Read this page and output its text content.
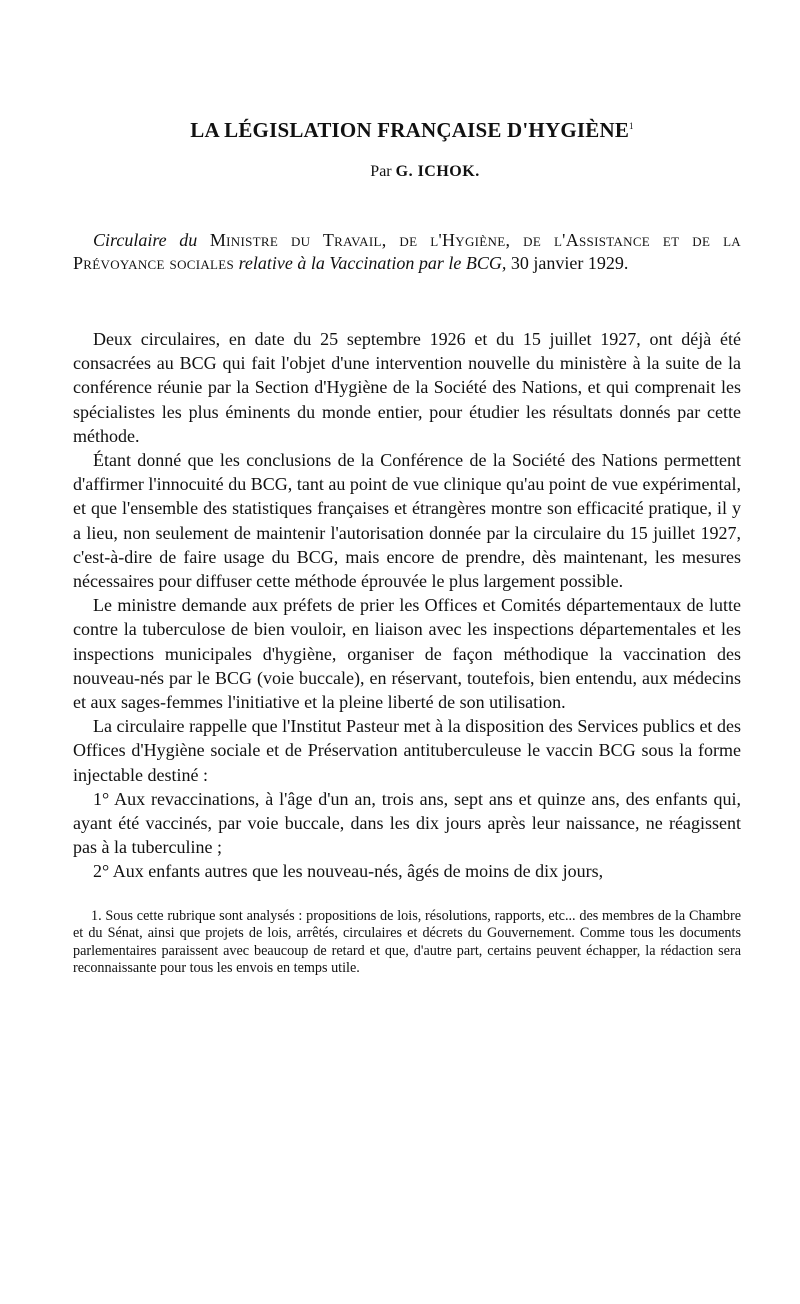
LA LÉGISLATION FRANÇAISE D'HYGIÈNE$^1$
Par G. ICHOK.
Circulaire du Ministre du Travail, de l'Hygiène, de l'Assistance et de la Prévoyance sociales relative à la Vaccination par le BCG, 30 janvier 1929.

Deux circulaires, en date du 25 septembre 1926 et du 15 juillet 1927, ont déjà été consacrées au BCG qui fait l'objet d'une intervention nouvelle du ministère à la suite de la conférence réunie par la Section d'Hygiène de la Société des Nations, et qui comprenait les spécialistes les plus éminents du monde entier, pour étudier les résultats donnés par cette méthode.

Étant donné que les conclusions de la Conférence de la Société des Nations permettent d'affirmer l'innocuité du BCG, tant au point de vue clinique qu'au point de vue expérimental, et que l'ensemble des statistiques françaises et étrangères montre son efficacité pratique, il y a lieu, non seulement de maintenir l'autorisation donnée par la circulaire du 15 juillet 1927, c'est-à-dire de faire usage du BCG, mais encore de prendre, dès maintenant, les mesures nécessaires pour diffuser cette méthode éprouvée le plus largement possible.

Le ministre demande aux préfets de prier les Offices et Comités départementaux de lutte contre la tuberculose de bien vouloir, en liaison avec les inspections départementales et les inspections municipales d'hygiène, organiser de façon méthodique la vaccination des nouveau-nés par le BCG (voie buccale), en réservant, toutefois, bien entendu, aux médecins et aux sages-femmes l'initiative et la pleine liberté de son utilisation.

La circulaire rappelle que l'Institut Pasteur met à la disposition des Services publics et des Offices d'Hygiène sociale et de Préservation antituberculeuse le vaccin BCG sous la forme injectable destiné :

1° Aux revaccinations, à l'âge d'un an, trois ans, sept ans et quinze ans, des enfants qui, ayant été vaccinés, par voie buccale, dans les dix jours après leur naissance, ne réagissent pas à la tuberculine ;

2° Aux enfants autres que les nouveau-nés, âgés de moins de dix jours,

1. Sous cette rubrique sont analysés : propositions de lois, résolutions, rapports, etc... des membres de la Chambre et du Sénat, ainsi que projets de lois, arrêtés, circulaires et décrets du Gouvernement. Comme tous les documents parlementaires paraissent avec beaucoup de retard et que, d'autre part, certains peuvent échapper, la rédaction sera reconnaissante pour tous les envois en temps utile.
